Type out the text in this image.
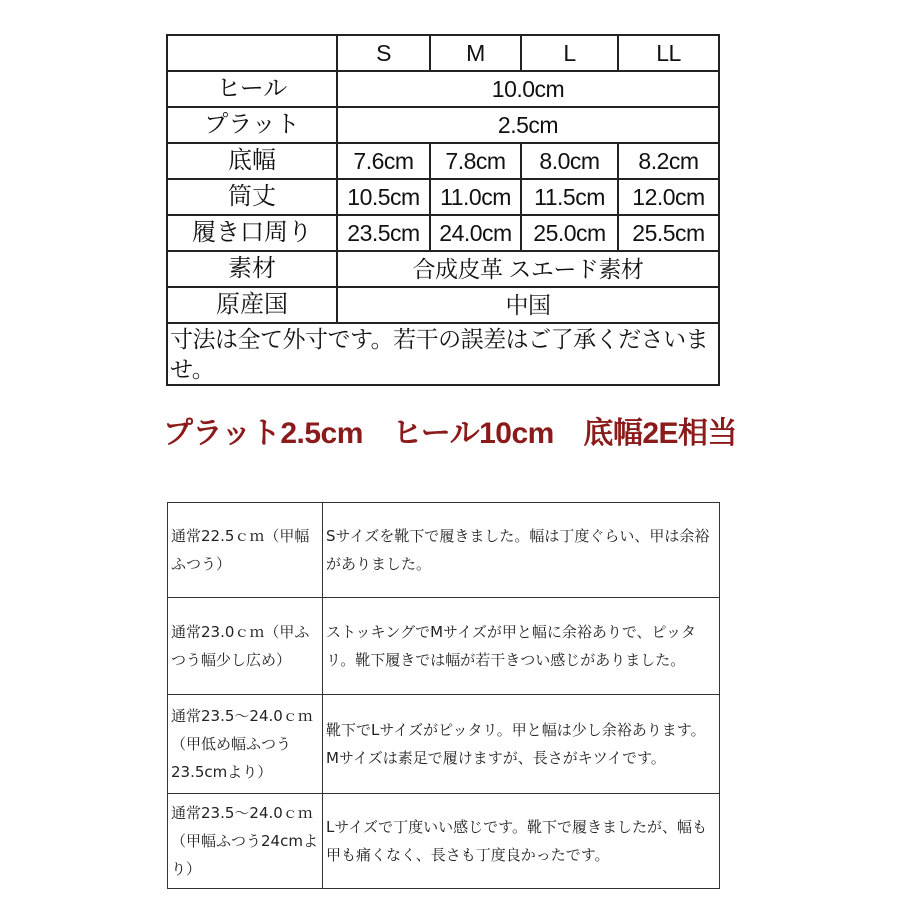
	S	M	L	LL
ヒール	10.0cm			
プラット	2.5cm			
底幅	7.6cm	7.8cm	8.0cm	8.2cm
筒丈	10.5cm	11.0cm	11.5cm	12.0cm
履き口周り	23.5cm	24.0cm	25.0cm	25.5cm
素材	合成皮革 スエード素材			
原産国	中国			
寸法は全て外寸です。若干の誤差はご了承くださいませ。				
プラット2.5cm　ヒール10cm　底幅2E相当
通常22.5ｃｍ（甲幅ふつう）	Sサイズを靴下で履きました。幅は丁度ぐらい、甲は余裕がありました。
通常23.0ｃｍ（甲ふつう幅少し広め）	ストッキングでMサイズが甲と幅に余裕ありで、ピッタリ。靴下履きでは幅が若干きつい感じがありました。
通常23.5～24.0ｃｍ（甲低め幅ふつう23.5cmより）	靴下でLサイズがピッタリ。甲と幅は少し余裕あります。Mサイズは素足で履けますが、長さがキツイです。
通常23.5～24.0ｃｍ（甲幅ふつう24cmより）	Lサイズで丁度いい感じです。靴下で履きましたが、幅も甲も痛くなく、長さも丁度良かったです。
